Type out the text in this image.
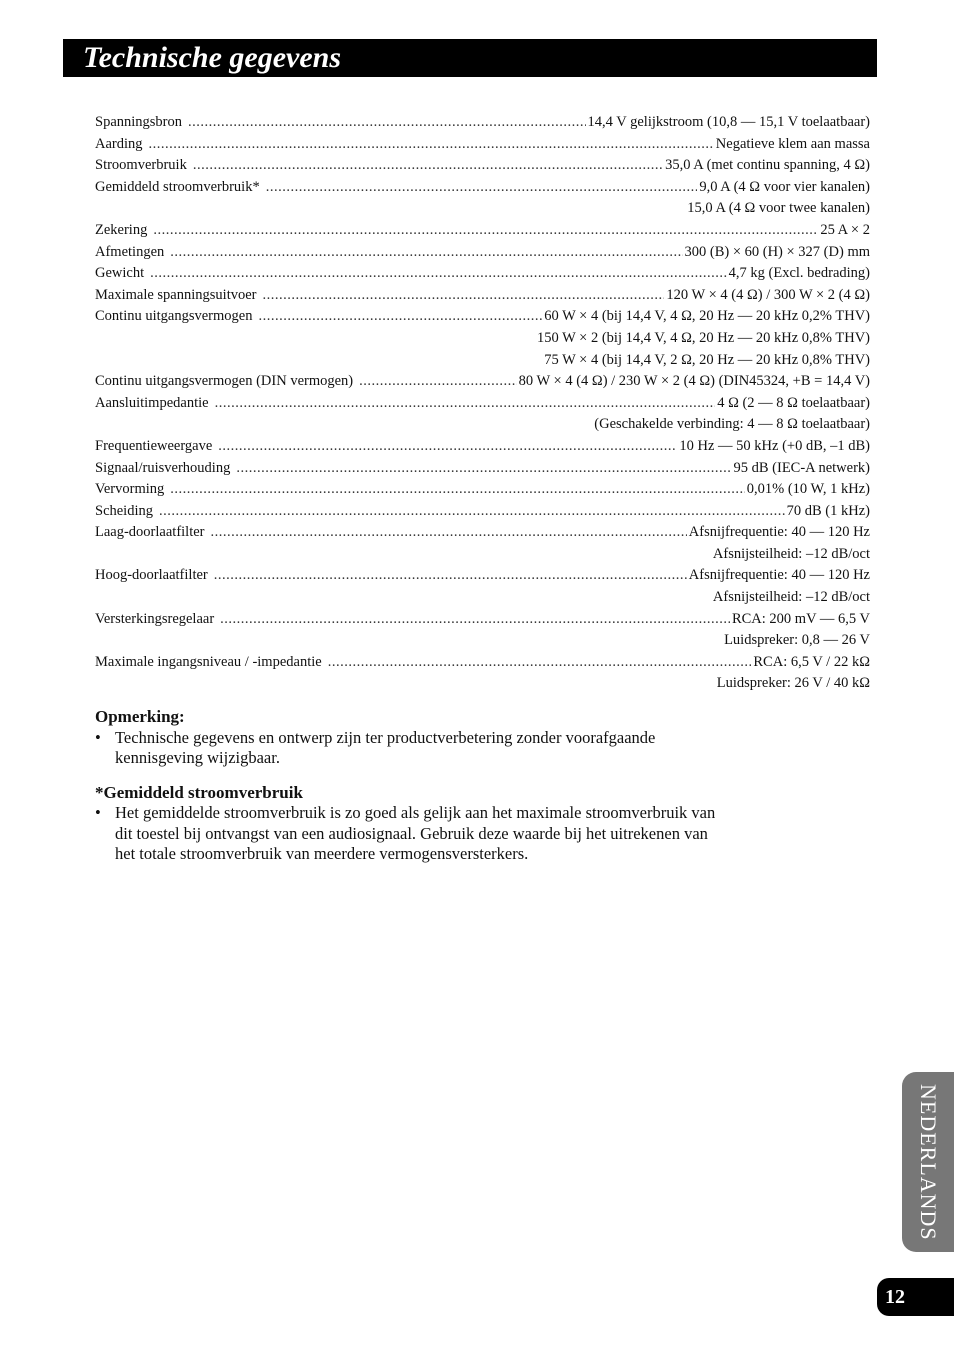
Technische gegevens
Spanningsbron .....	14,4 V gelijkstroom (10,8 — 15,1 V toelaatbaar)
Aarding .....	Negatieve klem aan massa
Stroomverbruik .....	35,0 A (met continu spanning, 4 Ω)
Gemiddeld stroomverbruik* .....	9,0 A (4 Ω voor vier kanalen)
15,0 A (4 Ω voor twee kanalen)
Zekering .....	25 A × 2
Afmetingen .....	300 (B) × 60 (H) × 327 (D) mm
Gewicht .....	4,7 kg (Excl. bedrading)
Maximale spanningsuitvoer .....	120 W × 4 (4 Ω) / 300 W × 2 (4 Ω)
Continu uitgangsvermogen .....	60 W × 4 (bij 14,4 V, 4 Ω, 20 Hz — 20 kHz 0,2% THV)
150 W × 2 (bij 14,4 V, 4 Ω, 20 Hz — 20 kHz 0,8% THV)
75 W × 4 (bij 14,4 V, 2 Ω, 20 Hz — 20 kHz 0,8% THV)
Continu uitgangsvermogen (DIN vermogen) .....	80 W × 4 (4 Ω) / 230 W × 2 (4 Ω) (DIN45324, +B = 14,4 V)
Aansluitimpedantie .....	4 Ω (2 — 8 Ω toelaatbaar)
(Geschakelde verbinding: 4 — 8 Ω toelaatbaar)
Frequentieweergave .....	10 Hz — 50 kHz (+0 dB, –1 dB)
Signaal/ruisverhouding .....	95 dB (IEC-A netwerk)
Vervorming .....	0,01% (10 W, 1 kHz)
Scheiding .....	70 dB (1 kHz)
Laag-doorlaatfilter .....	Afsnijfrequentie: 40 — 120 Hz
Afsnijsteilheid: –12 dB/oct
Hoog-doorlaatfilter .....	Afsnijfrequentie: 40 — 120 Hz
Afsnijsteilheid: –12 dB/oct
Versterkingsregelaar .....	RCA: 200 mV — 6,5 V
Luidspreker: 0,8 — 26 V
Maximale ingangsniveau / -impedantie .....	RCA: 6,5 V / 22 kΩ
Luidspreker: 26 V / 40 kΩ
Opmerking:
• Technische gegevens en ontwerp zijn ter productverbetering zonder voorafgaande kennisgeving wijzigbaar.
*Gemiddeld stroomverbruik
• Het gemiddelde stroomverbruik is zo goed als gelijk aan het maximale stroomverbruik van dit toestel bij ontvangst van een audiosignaal. Gebruik deze waarde bij het uitrekenen van het totale stroomverbruik van meerdere vermogensversterkers.
NEDERLANDS
12
